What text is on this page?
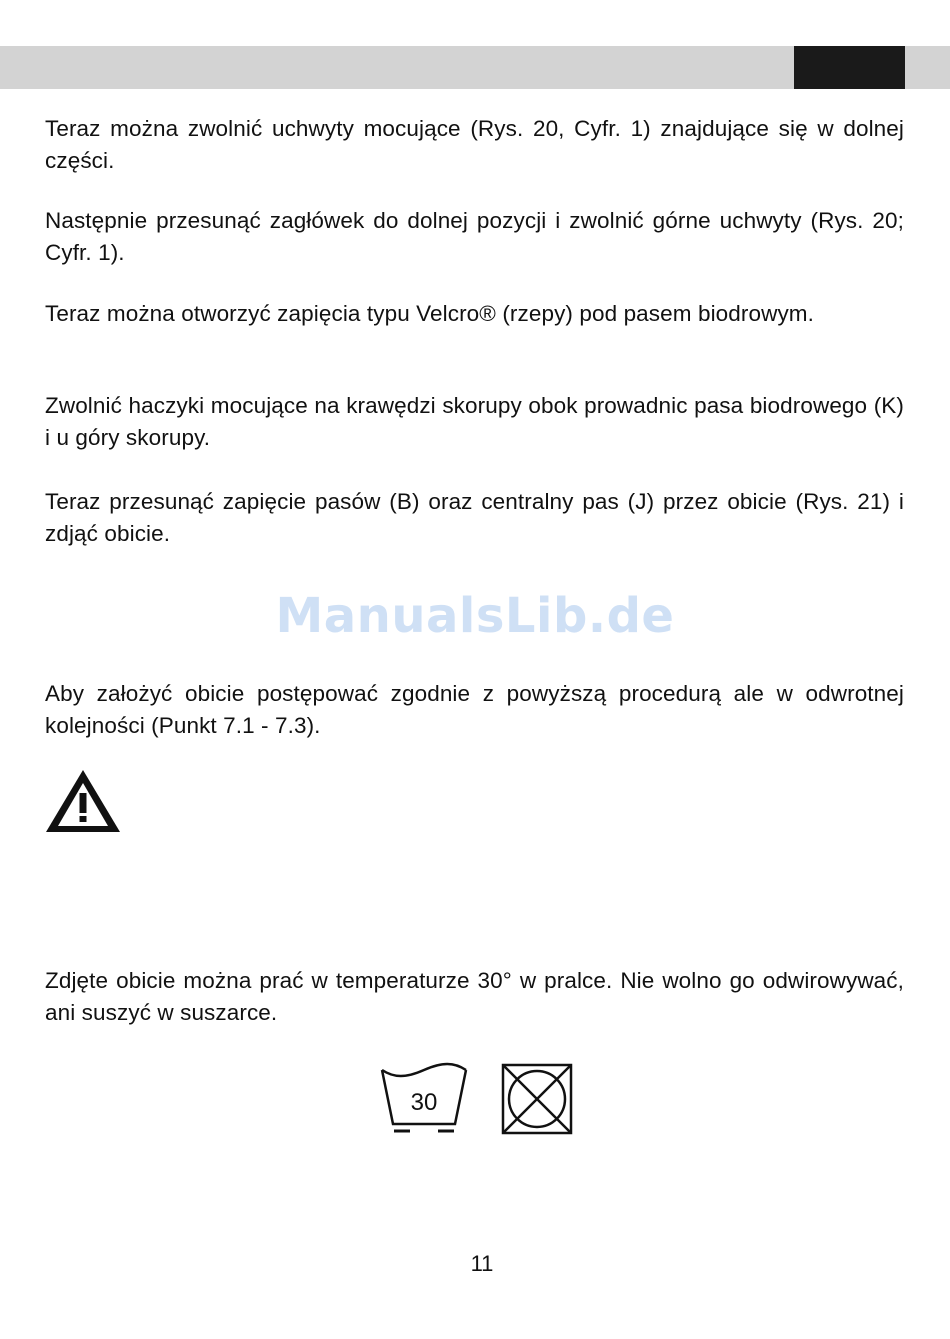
Teraz można zwolnić uchwyty mocujące (Rys. 20, Cyfr. 1) znajdujące się w dolnej części.

Następnie przesunąć zagłówek do dolnej pozycji i zwolnić górne uchwyty (Rys. 20; Cyfr. 1).

Teraz można otworzyć zapięcia typu Velcro® (rzepy) pod pasem biodrowym.

Zwolnić haczyki mocujące na krawędzi skorupy obok prowadnic pasa biodrowego (K) i u góry skorupy.

Teraz przesunąć zapięcie pasów (B) oraz centralny pas (J) przez obicie (Rys. 21) i zdjąć obicie.

ManualsLib.de

Aby założyć obicie postępować zgodnie z powyższą procedurą ale w odwrotnej kolejności (Punkt 7.1 - 7.3).

Zdjęte obicie można prać w temperaturze 30° w pralce. Nie wolno go odwirowywać, ani suszyć w suszarce.

30
11
